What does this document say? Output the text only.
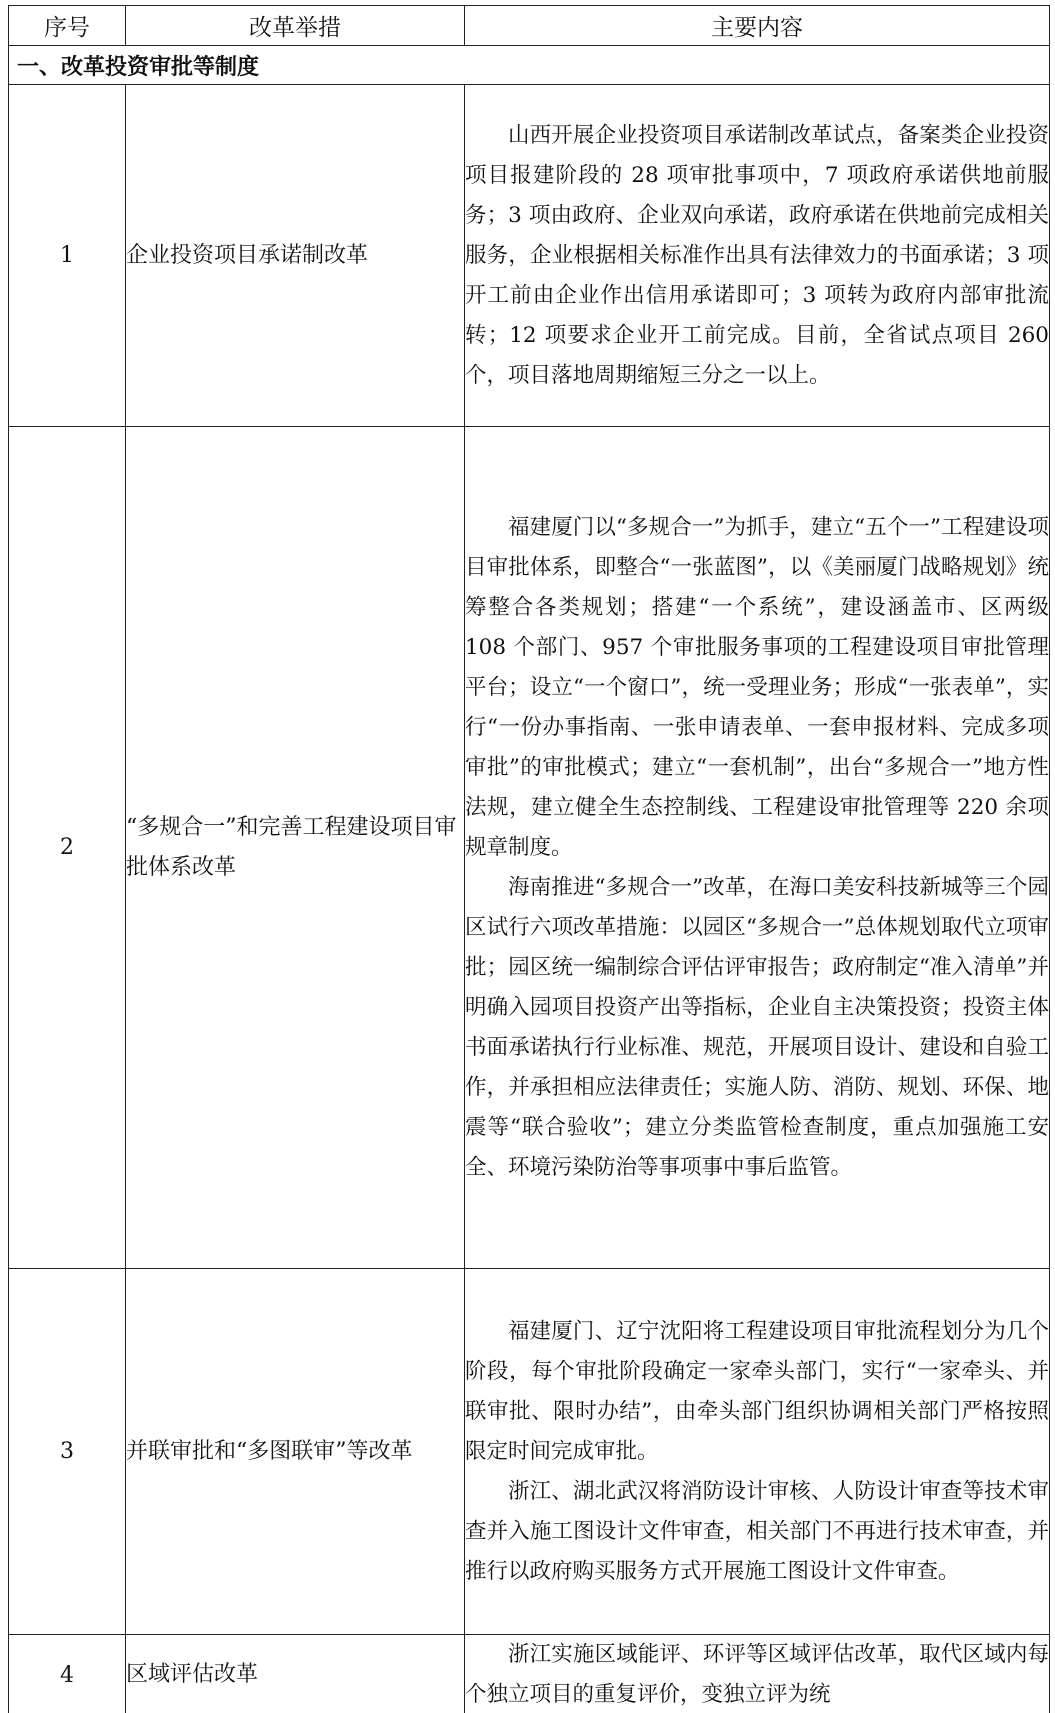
序号	改革举措	主要内容
一、改革投资审批等制度		
1	企业投资项目承诺制改革	山西开展企业投资项目承诺制改革试点，备案类企业投资项目报建阶段的 28 项审批事项中，7 项政府承诺供地前服务；3 项由政府、企业双向承诺，政府承诺在供地前完成相关服务，企业根据相关标准作出具有法律效力的书面承诺；3 项开工前由企业作出信用承诺即可；3 项转为政府内部审批流转；12 项要求企业开工前完成。目前，全省试点项目 260 个，项目落地周期缩短三分之一以上。

2	“多规合一”和完善工程建设项目审批体系改革	福建厦门以“多规合一”为抓手，建立“五个一”工程建设项目审批体系，即整合“一张蓝图”，以《美丽厦门战略规划》统筹整合各类规划；搭建“一个系统”，建设涵盖市、区两级 108 个部门、957 个审批服务事项的工程建设项目审批管理平台；设立“一个窗口”，统一受理业务；形成“一张表单”，实行“一份办事指南、一张申请表单、一套申报材料、完成多项审批”的审批模式；建立“一套机制”，出台“多规合一”地方性法规，建立健全生态控制线、工程建设审批管理等 220 余项规章制度。

海南推进“多规合一”改革，在海口美安科技新城等三个园区试行六项改革措施：以园区“多规合一”总体规划取代立项审批；园区统一编制综合评估评审报告；政府制定“准入清单”并明确入园项目投资产出等指标，企业自主决策投资；投资主体书面承诺执行行业标准、规范，开展项目设计、建设和自验工作，并承担相应法律责任；实施人防、消防、规划、环保、地震等“联合验收”；建立分类监管检查制度，重点加强施工安全、环境污染防治等事项事中事后监管。

3	并联审批和“多图联审”等改革	福建厦门、辽宁沈阳将工程建设项目审批流程划分为几个阶段，每个审批阶段确定一家牵头部门，实行“一家牵头、并联审批、限时办结”，由牵头部门组织协调相关部门严格按照限定时间完成审批。

浙江、湖北武汉将消防设计审核、人防设计审查等技术审查并入施工图设计文件审查，相关部门不再进行技术审查，并推行以政府购买服务方式开展施工图设计文件审查。

4	区域评估改革	浙江实施区域能评、环评等区域评估改革，取代区域内每个独立项目的重复评价，变独立评为统
